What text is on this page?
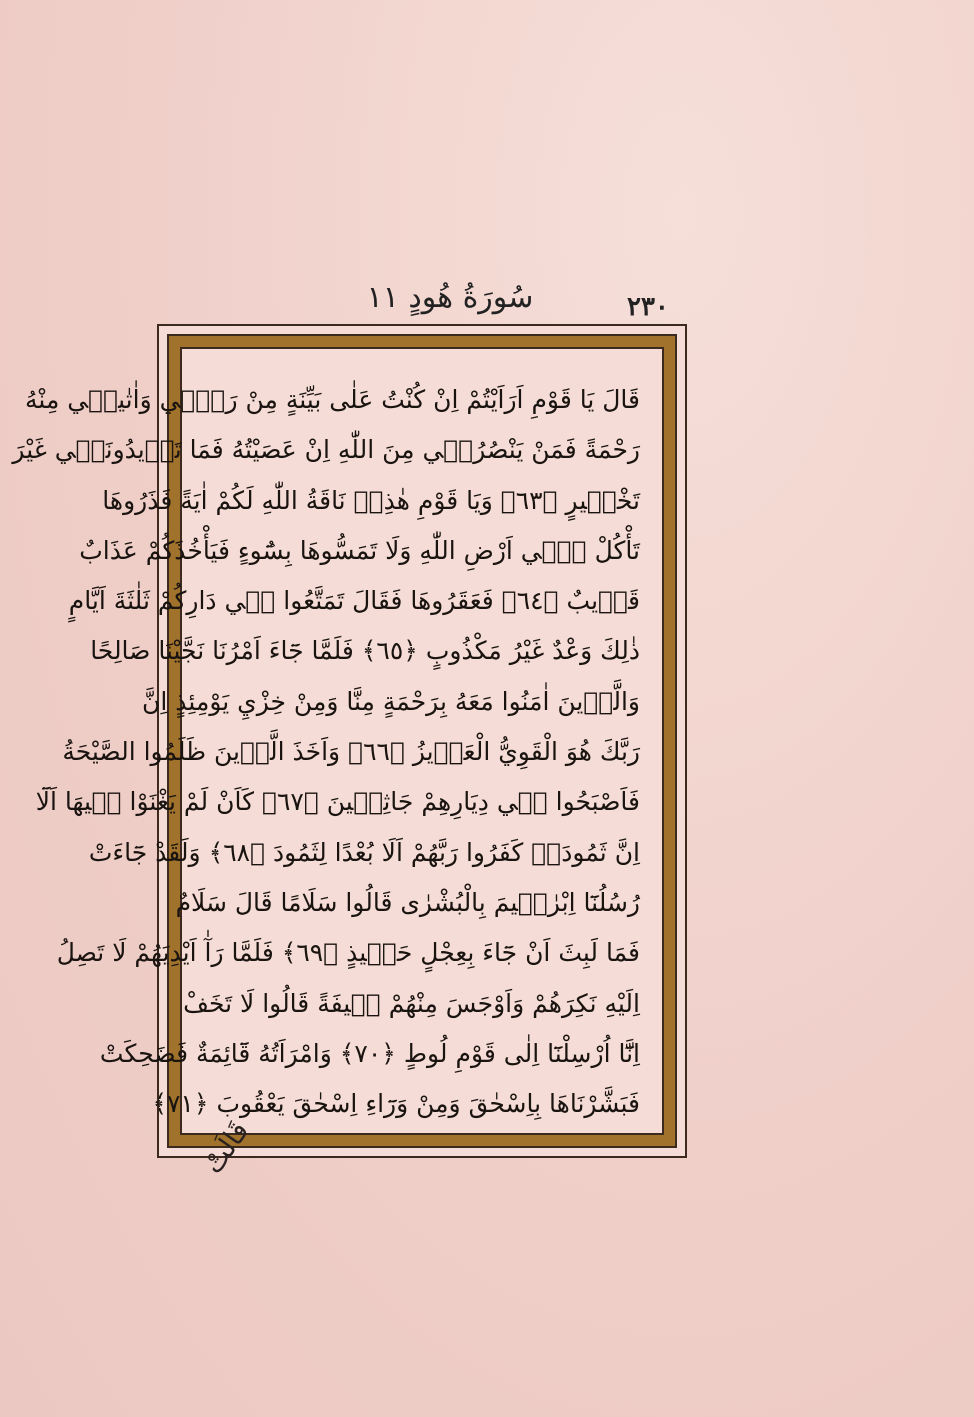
سُورَةُ هُودٍ ١١	٢٣٠
قَالَ يَا قَوْمِ اَرَاَيْتُمْ اِنْ كُنْتُ عَلٰى بَيِّنَةٍ مِنْ رَبّ۪ي وَاٰتٰين۪ي مِنْهُ
رَحْمَةً فَمَنْ يَنْصُرُن۪ي مِنَ اللّٰهِ اِنْ عَصَيْتُهُ فَمَا تَز۪يدُونَن۪ي غَيْرَ
تَخْس۪يرٍ ﴿٦٣﴾ وَيَا قَوْمِ هٰذِه۪ نَاقَةُ اللّٰهِ لَكُمْ اٰيَةً فَذَرُوهَا
تَأْكُلْ ف۪ٓي اَرْضِ اللّٰهِ وَلَا تَمَسُّوهَا بِسُٓوءٍ فَيَأْخُذَكُمْ عَذَابٌ
قَر۪يبٌ ﴿٦٤﴾ فَعَقَرُوهَا فَقَالَ تَمَتَّعُوا ف۪ي دَارِكُمْ ثَلٰثَةَ اَيَّامٍ
ذٰلِكَ وَعْدٌ غَيْرُ مَكْذُوبٍ ﴿٦٥﴾ فَلَمَّا جَٓاءَ اَمْرُنَا نَجَّيْنَا صَالِحًا
وَالَّذ۪ينَ اٰمَنُوا مَعَهُ بِرَحْمَةٍ مِنَّا وَمِنْ خِزْيِ يَوْمِئِذٍ اِنَّ
رَبَّكَ هُوَ الْقَوِيُّ الْعَز۪يزُ ﴿٦٦﴾ وَاَخَذَ الَّذ۪ينَ ظَلَمُوا الصَّيْحَةُ
فَاَصْبَحُوا ف۪ي دِيَارِهِمْ جَاثِم۪ينَ ﴿٦٧﴾ كَاَنْ لَمْ يَغْنَوْا ف۪يهَا اَلَٓا
اِنَّ ثَمُودَا۬ كَفَرُوا رَبَّهُمْ اَلَا بُعْدًا لِثَمُودَ ﴿٦٨﴾ وَلَقَدْ جَٓاءَتْ
رُسُلُنَٓا اِبْرٰه۪يمَ بِالْبُشْرٰى قَالُوا سَلَامًا قَالَ سَلَامٌ
فَمَا لَبِثَ اَنْ جَٓاءَ بِعِجْلٍ حَن۪يذٍ ﴿٦٩﴾ فَلَمَّا رَآٰ اَيْدِيَهُمْ لَا تَصِلُ
اِلَيْهِ نَكِرَهُمْ وَاَوْجَسَ مِنْهُمْ خ۪يفَةً قَالُوا لَا تَخَفْ
اِنَّٓا اُرْسِلْنَٓا اِلٰى قَوْمِ لُوطٍ ﴿٧٠﴾ وَامْرَاَتُهُ قَٓائِمَةٌ فَضَحِكَتْ
فَبَشَّرْنَاهَا بِاِسْحٰقَ وَمِنْ وَرَٓاءِ اِسْحٰقَ يَعْقُوبَ ﴿٧١﴾
قَالَتْ
